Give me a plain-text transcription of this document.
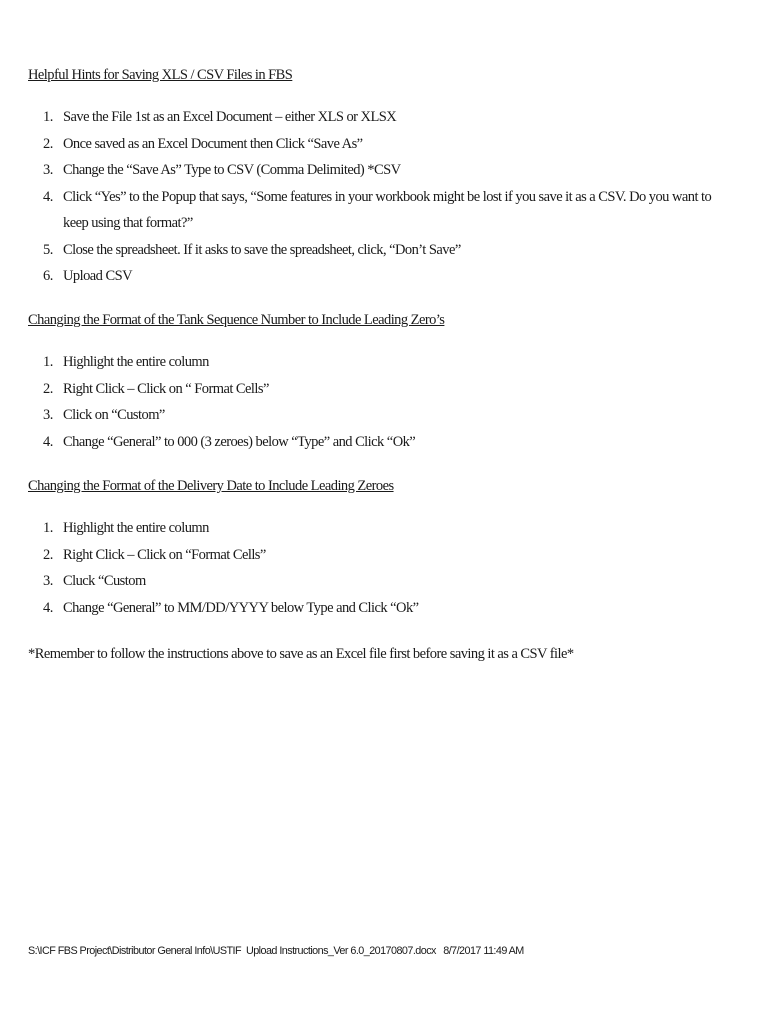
Helpful Hints for Saving XLS / CSV Files in FBS

1. Save the File 1st as an Excel Document – either XLS or XLSX
2. Once saved as an Excel Document then Click “Save As”
3. Change the “Save As” Type to CSV (Comma Delimited) *CSV
4. Click “Yes” to the Popup that says, “Some features in your workbook might be lost if you save it as a CSV. Do you want to keep using that format?”
5. Close the spreadsheet. If it asks to save the spreadsheet, click, “Don’t Save”
6. Upload CSV

Changing the Format of the Tank Sequence Number to Include Leading Zero’s

1. Highlight the entire column
2. Right Click – Click on “ Format Cells”
3. Click on “Custom”
4. Change “General” to 000 (3 zeroes) below “Type” and Click “Ok”

Changing the Format of the Delivery Date to Include Leading Zeroes

1. Highlight the entire column
2. Right Click – Click on “Format Cells”
3. Cluck “Custom
4. Change “General” to MM/DD/YYYY below Type and Click “Ok”

*Remember to follow the instructions above to save as an Excel file first before saving it as a CSV file*

S:\ICF FBS Project\Distributor General Info\USTIF  Upload Instructions_Ver 6.0_20170807.docx   8/7/2017 11:49 AM
